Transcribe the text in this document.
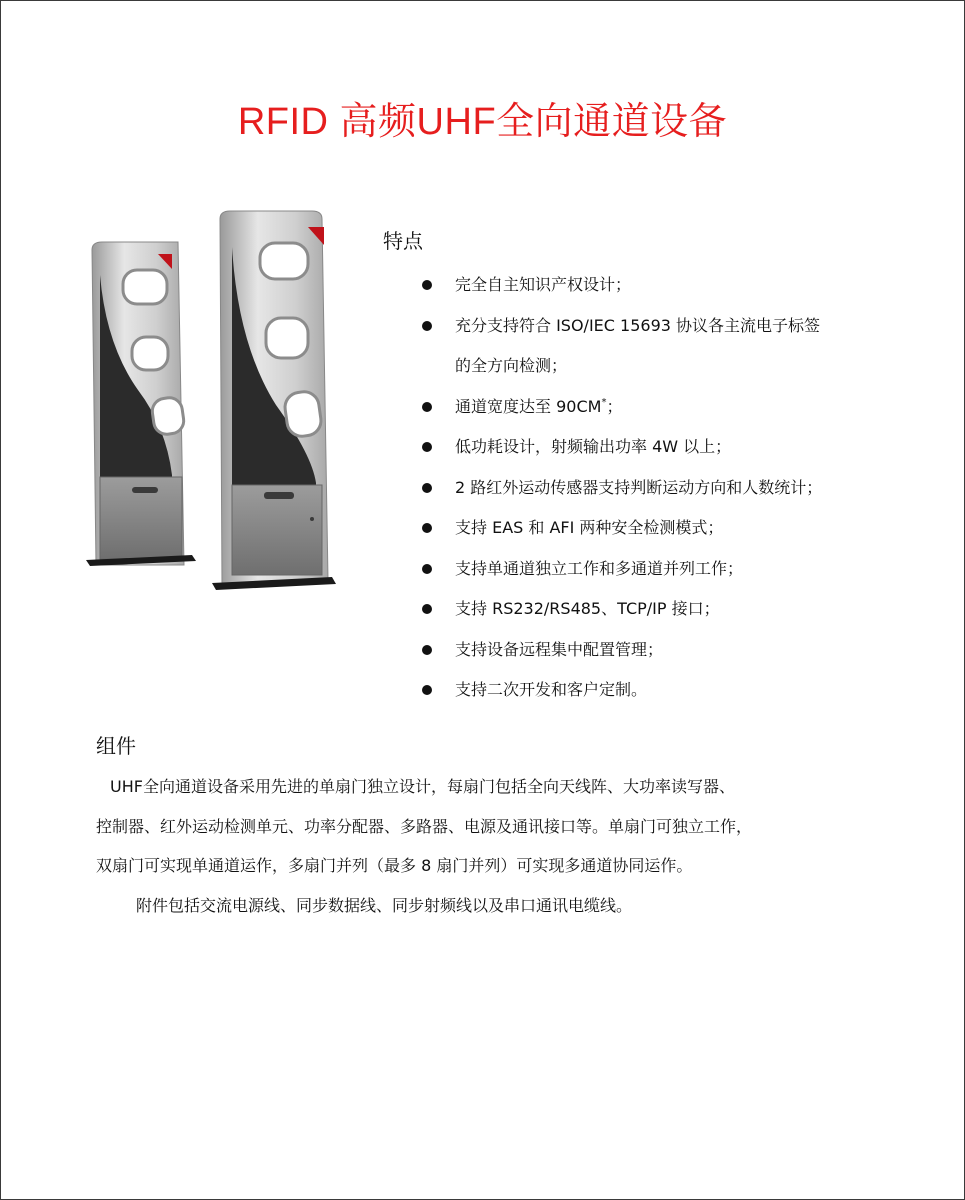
RFID 高频UHF全向通道设备
特点
完全自主知识产权设计；
充分支持符合 ISO/IEC 15693 协议各主流电子标签
的全方向检测；
通道宽度达至 90CM*；
低功耗设计，射频输出功率 4W 以上；
2 路红外运动传感器支持判断运动方向和人数统计；
支持 EAS 和 AFI 两种安全检测模式；
支持单通道独立工作和多通道并列工作；
支持 RS232/RS485、TCP/IP 接口；
支持设备远程集中配置管理；
支持二次开发和客户定制。
组件

UHF全向通道设备采用先进的单扇门独立设计，每扇门包括全向天线阵、大功率读写器、

控制器、红外运动检测单元、功率分配器、多路器、电源及通讯接口等。单扇门可独立工作，

双扇门可实现单通道运作，多扇门并列（最多 8 扇门并列）可实现多通道协同运作。

附件包括交流电源线、同步数据线、同步射频线以及串口通讯电缆线。
